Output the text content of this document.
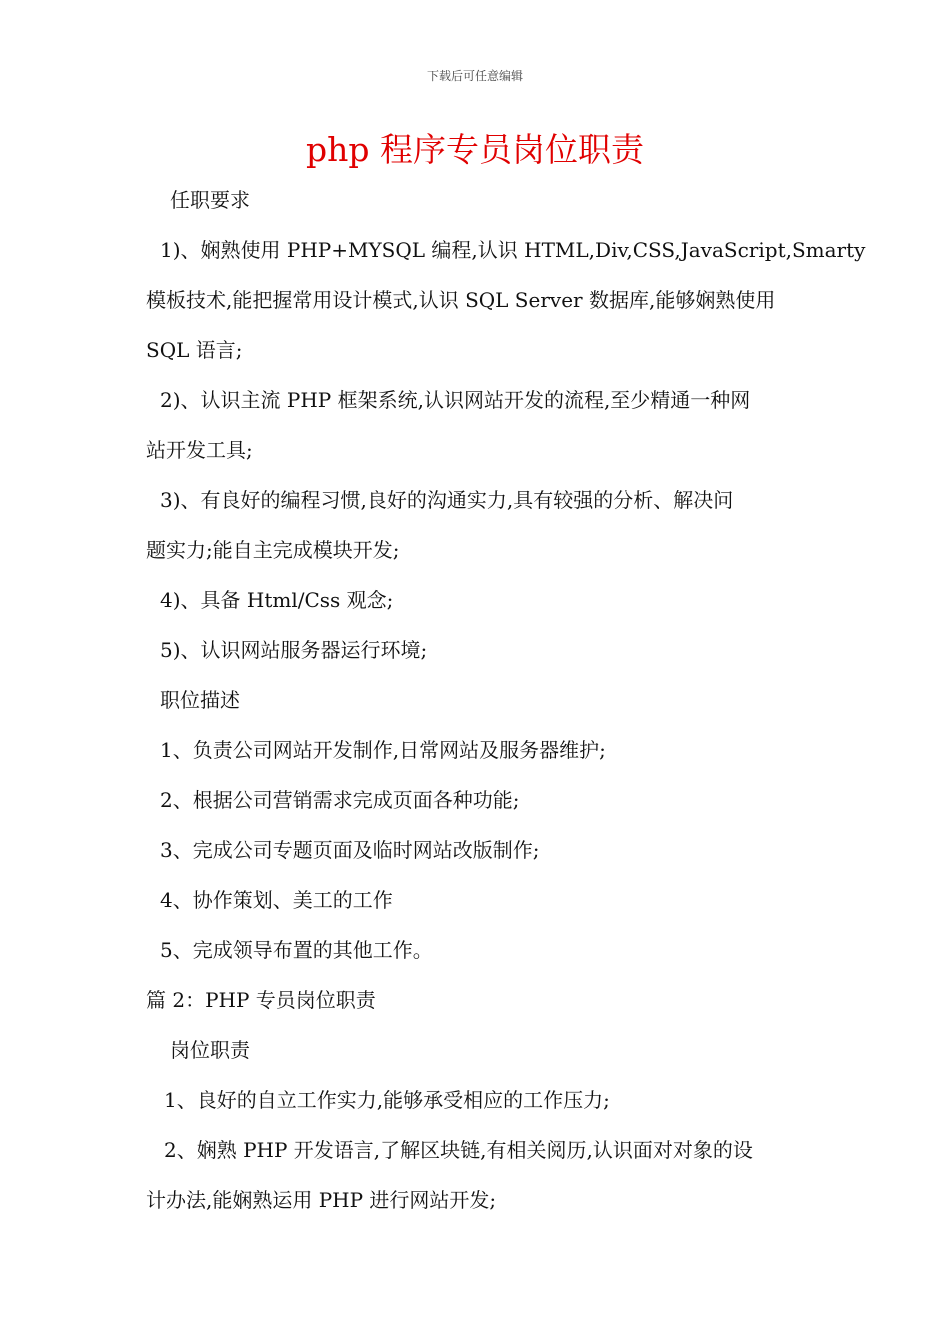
下载后可任意编辑
php 程序专员岗位职责
任职要求
1)、娴熟使用 PHP+MYSQL 编程,认识 HTML,Div,CSS,JavaScript,Smarty
模板技术,能把握常用设计模式,认识 SQL Server 数据库,能够娴熟使用
SQL 语言;
2)、认识主流 PHP 框架系统,认识网站开发的流程,至少精通一种网
站开发工具;
3)、有良好的编程习惯,良好的沟通实力,具有较强的分析、解决问
题实力;能自主完成模块开发;
4)、具备 Html/Css 观念;
5)、认识网站服务器运行环境;
职位描述
1、负责公司网站开发制作,日常网站及服务器维护;
2、根据公司营销需求完成页面各种功能;
3、完成公司专题页面及临时网站改版制作;
4、协作策划、美工的工作
5、完成领导布置的其他工作。
篇 2：PHP 专员岗位职责
岗位职责
1、良好的自立工作实力,能够承受相应的工作压力;
2、娴熟 PHP 开发语言,了解区块链,有相关阅历,认识面对对象的设
计办法,能娴熟运用 PHP 进行网站开发;
